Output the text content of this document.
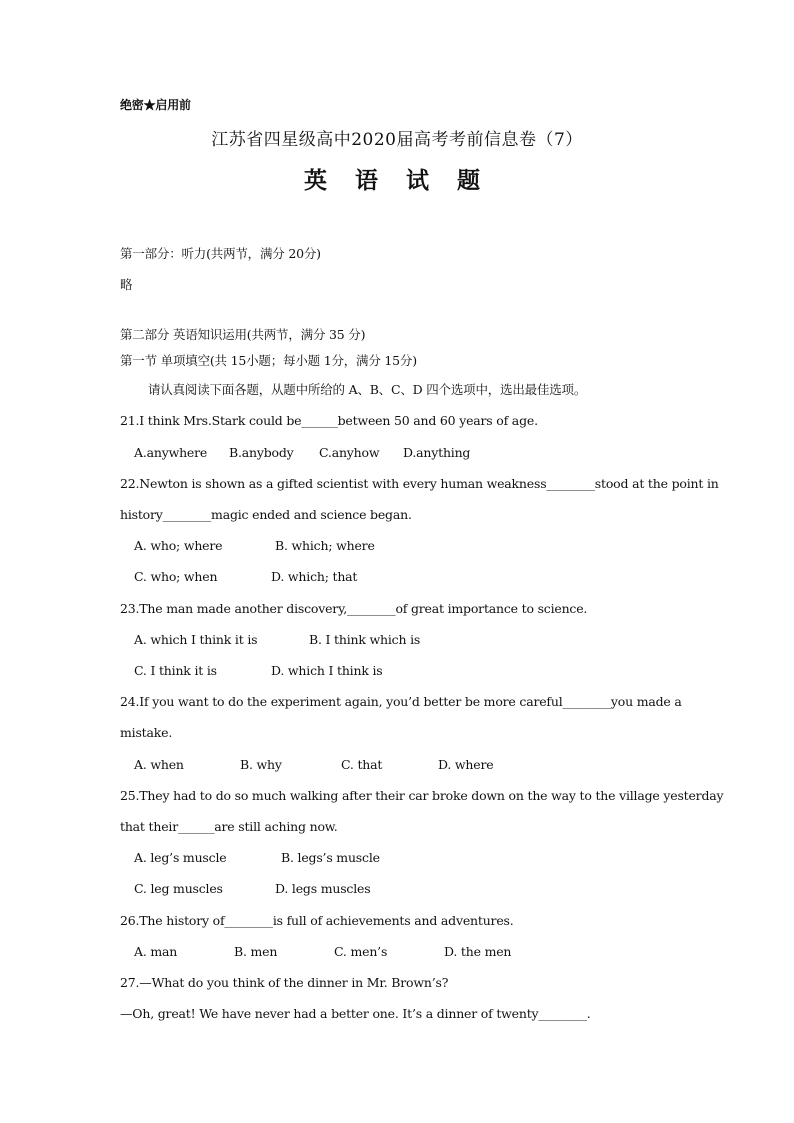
绝密★启用前
江苏省四星级高中2020届高考考前信息卷（7）
英 语 试 题
第一部分：听力(共两节，满分 20分)
略
第二部分 英语知识运用(共两节，满分 35 分)
第一节 单项填空(共 15小题；每小题 1分，满分 15分)
请认真阅读下面各题，从题中所给的 A、B、C、D 四个选项中，选出最佳选项。
21.I think Mrs.Stark could be______between 50 and 60 years of age.
A.anywhere B.anybody C.anyhow D.anything
22.Newton is shown as a gifted scientist with every human weakness________stood at the point in
history________magic ended and science began.
A. who; where	B. which; where
C. who; when	D. which; that
23.The man made another discovery,________of great importance to science.
A. which I think it is	B. I think which is
C. I think it is	D. which I think is
24.If you want to do the experiment again, you’d better be more careful________you made a
mistake.
A. when	B. why	C. that	D. where
25.They had to do so much walking after their car broke down on the way to the village yesterday
that their______are still aching now.
A. leg’s muscle	B. legs’s muscle
C. leg muscles	D. legs muscles
26.The history of________is full of achievements and adventures.
A. man	B. men	C. men’s	D. the men
27.—What do you think of the dinner in Mr. Brown’s?
—Oh, great! We have never had a better one. It’s a dinner of twenty________.
